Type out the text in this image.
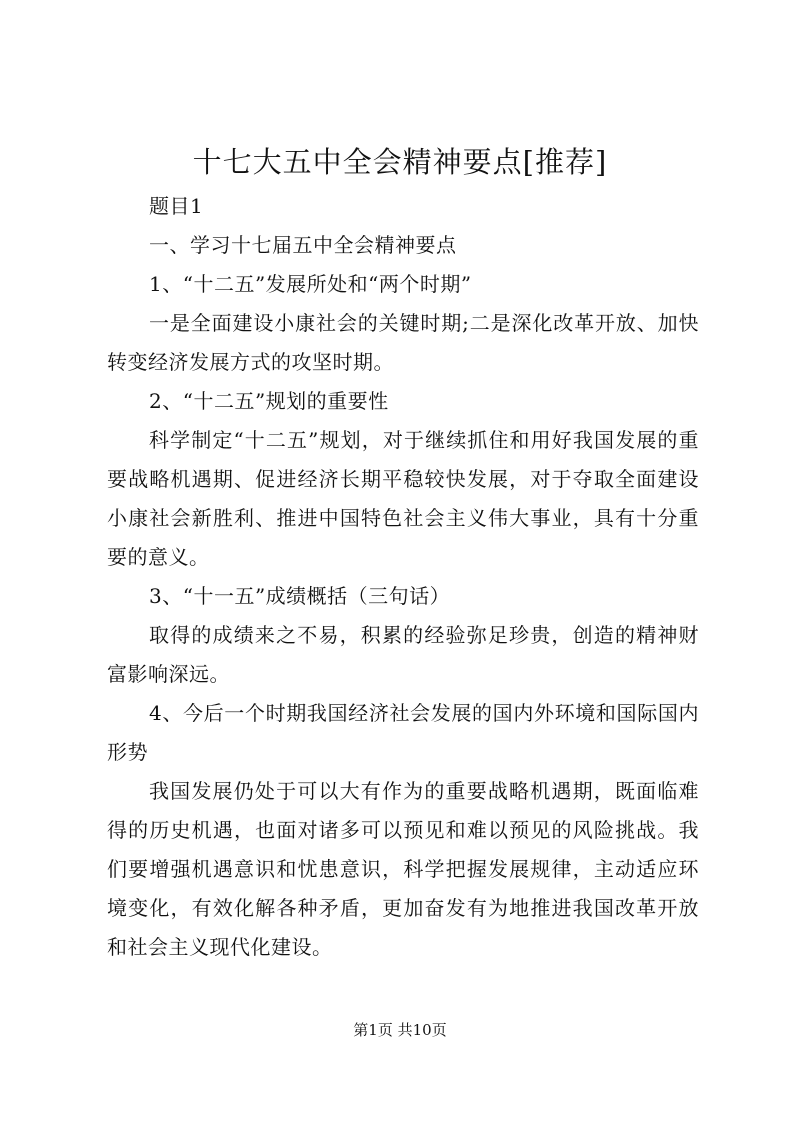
十七大五中全会精神要点[推荐]

题目1

一、学习十七届五中全会精神要点

1、“十二五”发展所处和“两个时期”

一是全面建设小康社会的关键时期;二是深化改革开放、加快转变经济发展方式的攻坚时期。

2、“十二五”规划的重要性

科学制定“十二五”规划，对于继续抓住和用好我国发展的重要战略机遇期、促进经济长期平稳较快发展，对于夺取全面建设小康社会新胜利、推进中国特色社会主义伟大事业，具有十分重要的意义。

3、“十一五”成绩概括（三句话）

取得的成绩来之不易，积累的经验弥足珍贵，创造的精神财富影响深远。

4、今后一个时期我国经济社会发展的国内外环境和国际国内形势

我国发展仍处于可以大有作为的重要战略机遇期，既面临难得的历史机遇，也面对诸多可以预见和难以预见的风险挑战。我们要增强机遇意识和忧患意识，科学把握发展规律，主动适应环境变化，有效化解各种矛盾，更加奋发有为地推进我国改革开放和社会主义现代化建设。

第1页 共10页
